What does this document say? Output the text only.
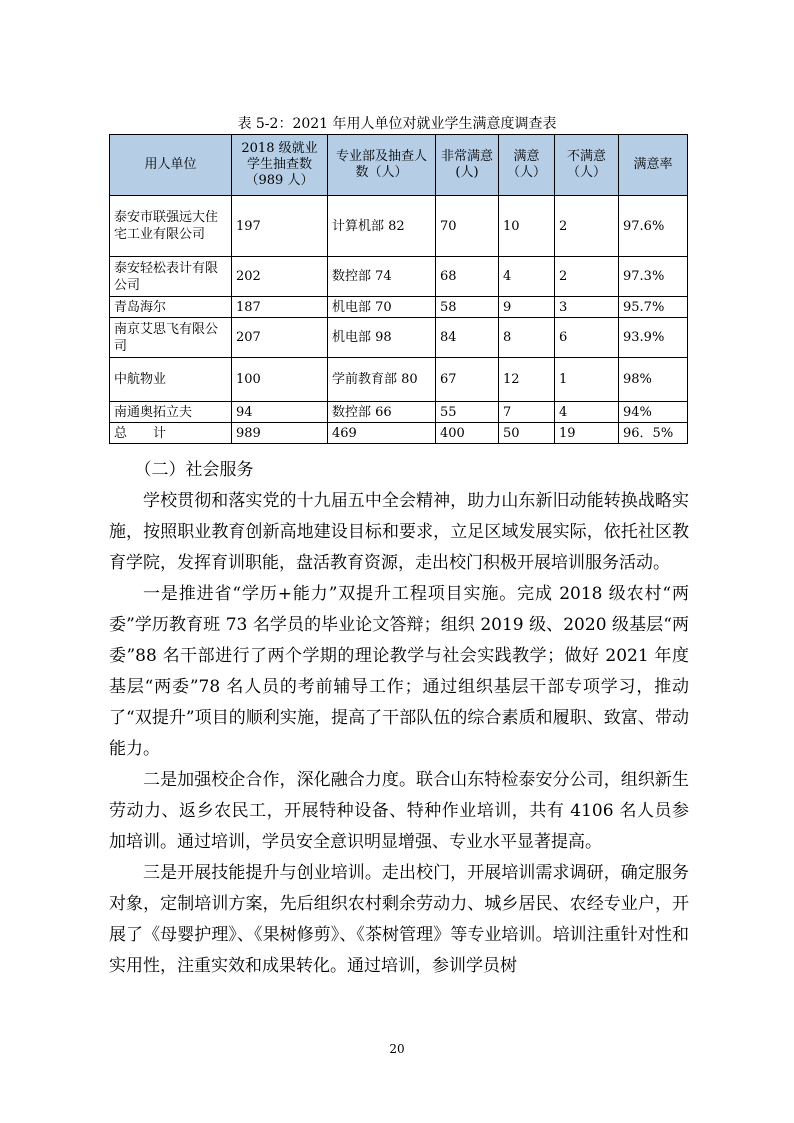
表 5-2：2021 年用人单位对就业学生满意度调查表
用人单位	2018 级就业学生抽查数（989 人）	专业部及抽查人数（人）	非常满意(人)	满意（人）	不满意（人）	满意率
泰安市联强远大住宅工业有限公司	197	计算机部 82	70	10	2	97.6%
泰安轻松表计有限公司	202	数控部 74	68	4	2	97.3%
青岛海尔	187	机电部 70	58	9	3	95.7%
南京艾思飞有限公司	207	机电部 98	84	8	6	93.9%
中航物业	100	学前教育部 80	67	12	1	98%
南通奥拓立夫	94	数控部 66	55	7	4	94%
总　　计	989	469	400	50	19	96．5%

（二）社会服务

学校贯彻和落实党的十九届五中全会精神，助力山东新旧动能转换战略实施，按照职业教育创新高地建设目标和要求，立足区域发展实际，依托社区教育学院，发挥育训职能，盘活教育资源，走出校门积极开展培训服务活动。

一是推进省“学历+能力”双提升工程项目实施。完成 2018 级农村“两委”学历教育班 73 名学员的毕业论文答辩；组织 2019 级、2020 级基层“两委”88 名干部进行了两个学期的理论教学与社会实践教学；做好 2021 年度基层“两委”78 名人员的考前辅导工作；通过组织基层干部专项学习，推动了“双提升”项目的顺利实施，提高了干部队伍的综合素质和履职、致富、带动能力。

二是加强校企合作，深化融合力度。联合山东特检泰安分公司，组织新生劳动力、返乡农民工，开展特种设备、特种作业培训，共有 4106 名人员参加培训。通过培训，学员安全意识明显增强、专业水平显著提高。

三是开展技能提升与创业培训。走出校门，开展培训需求调研，确定服务对象，定制培训方案，先后组织农村剩余劳动力、城乡居民、农经专业户，开展了《母婴护理》、《果树修剪》、《茶树管理》等专业培训。培训注重针对性和实用性，注重实效和成果转化。通过培训，参训学员树

20
